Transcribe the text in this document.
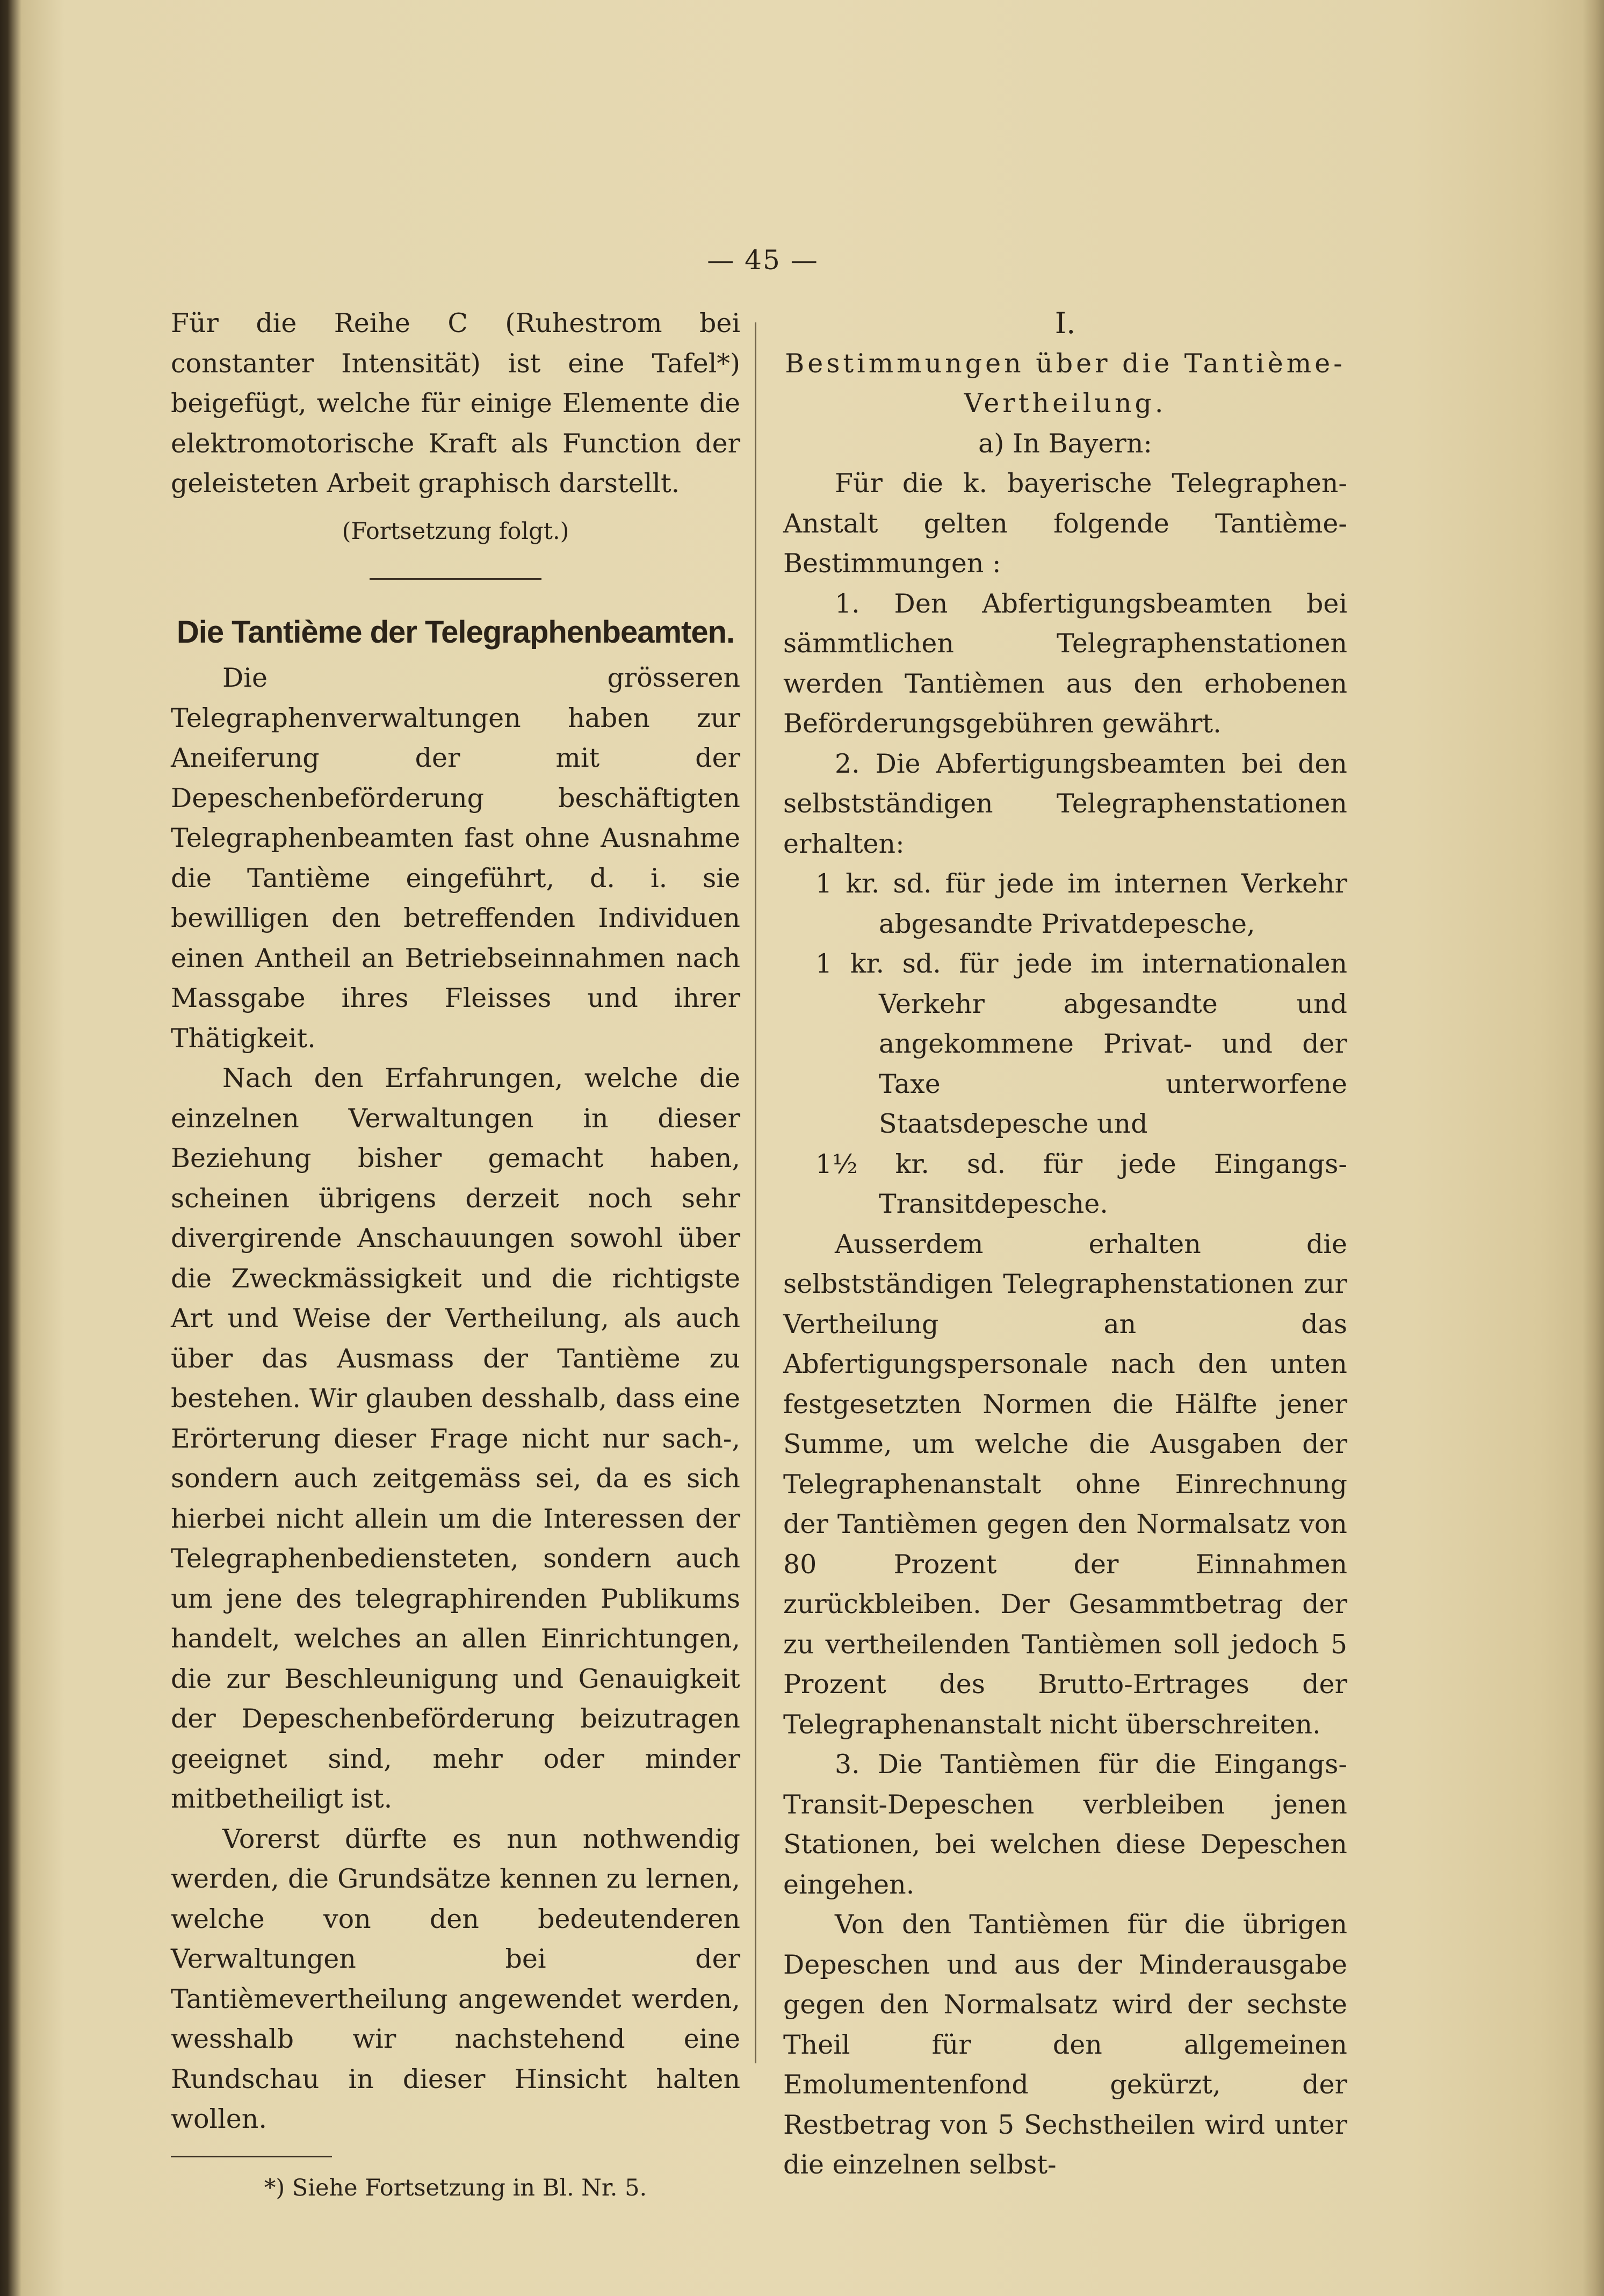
— 45 —

Für die Reihe C (Ruhestrom bei constanter Intensität) ist eine Tafel*) beigefügt, welche für einige Elemente die elektromotorische Kraft als Function der geleisteten Arbeit graphisch darstellt.

(Fortsetzung folgt.)

Die Tantième der Telegraphenbeamten.

Die grösseren Telegraphenverwaltungen haben zur Aneiferung der mit der Depeschenbeförderung beschäftigten Telegraphenbeamten fast ohne Ausnahme die Tantième eingeführt, d. i. sie bewilligen den betreffenden Individuen einen Antheil an Betriebseinnahmen nach Massgabe ihres Fleisses und ihrer Thätigkeit.

Nach den Erfahrungen, welche die einzelnen Verwaltungen in dieser Beziehung bisher gemacht haben, scheinen übrigens derzeit noch sehr divergirende Anschauungen sowohl über die Zweckmässigkeit und die richtigste Art und Weise der Vertheilung, als auch über das Ausmass der Tantième zu bestehen. Wir glauben desshalb, dass eine Erörterung dieser Frage nicht nur sach-, sondern auch zeitgemäss sei, da es sich hierbei nicht allein um die Interessen der Telegraphenbediensteten, sondern auch um jene des telegraphirenden Publikums handelt, welches an allen Einrichtungen, die zur Beschleunigung und Genauigkeit der Depeschenbeförderung beizutragen geeignet sind, mehr oder minder mitbetheiligt ist.

Vorerst dürfte es nun nothwendig werden, die Grundsätze kennen zu lernen, welche von den bedeutenderen Verwaltungen bei der Tantièmevertheilung angewendet werden, wesshalb wir nachstehend eine Rundschau in dieser Hinsicht halten wollen.

*) Siehe Fortsetzung in Bl. Nr. 5.

I.

Bestimmungen über die Tantième-Vertheilung.

a) In Bayern:

Für die k. bayerische Telegraphen-Anstalt gelten folgende Tantième-Bestimmungen :

1. Den Abfertigungsbeamten bei sämmtlichen Telegraphenstationen werden Tantièmen aus den erhobenen Beförderungsgebühren gewährt.

2. Die Abfertigungsbeamten bei den selbstständigen Telegraphenstationen erhalten:

1 kr. sd. für jede im internen Verkehr abgesandte Privatdepesche,

1 kr. sd. für jede im internationalen Verkehr abgesandte und angekommene Privat- und der Taxe unterworfene Staatsdepesche und

1½ kr. sd. für jede Eingangs-Transitdepesche.

Ausserdem erhalten die selbstständigen Telegraphenstationen zur Vertheilung an das Abfertigungspersonale nach den unten festgesetzten Normen die Hälfte jener Summe, um welche die Ausgaben der Telegraphenanstalt ohne Einrechnung der Tantièmen gegen den Normalsatz von 80 Prozent der Einnahmen zurückbleiben. Der Gesammtbetrag der zu vertheilenden Tantièmen soll jedoch 5 Prozent des Brutto-Ertrages der Telegraphenanstalt nicht überschreiten.

3. Die Tantièmen für die Eingangs-Transit-Depeschen verbleiben jenen Stationen, bei welchen diese Depeschen eingehen.

Von den Tantièmen für die übrigen Depeschen und aus der Minderausgabe gegen den Normalsatz wird der sechste Theil für den allgemeinen Emolumentenfond gekürzt, der Restbetrag von 5 Sechstheilen wird unter die einzelnen selbst-
